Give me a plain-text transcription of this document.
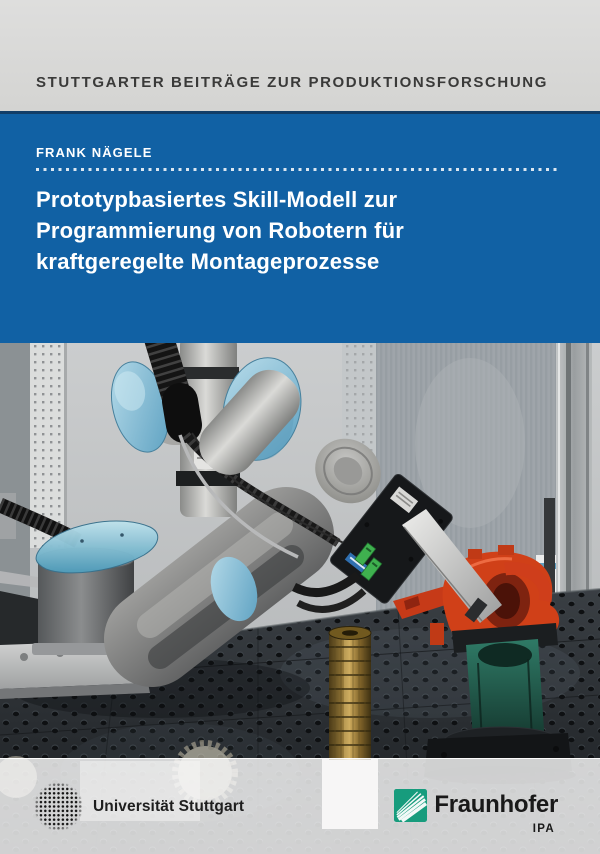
STUTTGARTER BEITRÄGE ZUR PRODUKTIONSFORSCHUNG
FRANK NÄGELE
Prototypbasiertes Skill-Modell zur
Programmierung von Robotern für
kraftgeregelte Montageprozesse
Universität Stuttgart	Fraunhofer
IPA
